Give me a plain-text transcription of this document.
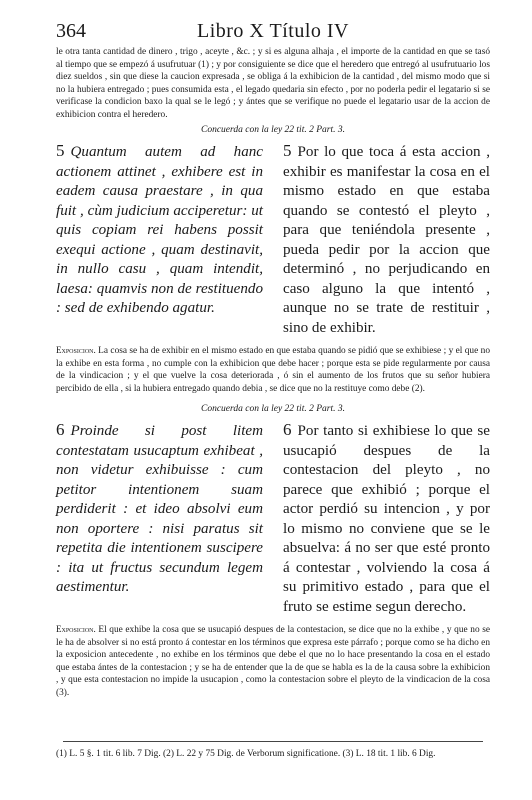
364	Libro X Título IV

le otra tanta cantidad de dinero , trigo , aceyte , &c. ; y si es alguna alhaja , el importe de la cantidad en que se tasó al tiempo que se empezó á usufrutuar (1) ; y por consiguiente se dice que el heredero que entregó al usufrutuario los diez sueldos , sin que diese la caucion expresada , se obliga á la exhibicion de la cantidad , del mismo modo que si no la hubiera entregado ; pues consumida esta , el legado quedaria sin efecto , por no poderla pedir el legatario si se verificase la condicion baxo la qual se le legó ; y ántes que se verifique no puede el legatario usar de la accion de exhibicion contra el heredero.

Concuerda con la ley 22 tit. 2 Part. 3.
5 Quantum autem ad hanc actionem attinet , exhibere est in eadem causa praestare , in qua fuit , cùm judicium acciperetur: ut quis copiam rei habens possit exequi actione , quam destinavit, in nullo casu , quam intendit, laesa: quamvis non de restituendo : sed de exhibendo agatur.
5 Por lo que toca á esta accion , exhibir es manifestar la cosa en el mismo estado en que estaba quando se contestó el pleyto , para que teniéndola presente , pueda pedir por la accion que determinó , no perjudicando en caso alguno la que intentó , aunque no se trate de restituir , sino de exhibir.

Exposicion. La cosa se ha de exhibir en el mismo estado en que estaba quando se pidió que se exhibiese ; y el que no la exhibe en esta forma , no cumple con la exhibicion que debe hacer ; porque esta se pide regularmente por causa de la vindicacion ; y el que vuelve la cosa deteriorada , ó sin el aumento de los frutos que su señor hubiera percibido de ella , si la hubiera entregado quando debia , se dice que no la restituye como debe (2).

Concuerda con la ley 22 tit. 2 Part. 3.
6 Proinde si post litem contestatam usucaptum exhibeat , non videtur exhibuisse : cum petitor intentionem suam perdiderit : et ideo absolvi eum non oportere : nisi paratus sit repetita die intentionem suscipere : ita ut fructus secundum legem aestimentur.
6 Por tanto si exhibiese lo que se usucapió despues de la contestacion del pleyto , no parece que exhibió ; porque el actor perdió su intencion , y por lo mismo no conviene que se le absuelva: á no ser que esté pronto á contestar , volviendo la cosa á su primitivo estado , para que el fruto se estime segun derecho.

Exposicion. El que exhibe la cosa que se usucapió despues de la contestacion, se dice que no la exhibe , y que no se le ha de absolver si no está pronto á contestar en los términos que expresa este párrafo ; porque como se ha dicho en la exposicion antecedente , no exhibe en los términos que debe el que no lo hace presentando la cosa en el estado que estaba ántes de la contestacion ; y se ha de entender que la de que se habla es la de la causa sobre la exhibicion , y que esta contestacion no impide la usucapion , como la contestacion sobre el pleyto de la vindicacion de la cosa (3).

(1) L. 5 §. 1 tit. 6 lib. 7 Dig. (2) L. 22 y 75 Dig. de Verborum significatione. (3) L. 18 tit. 1 lib. 6 Dig.
